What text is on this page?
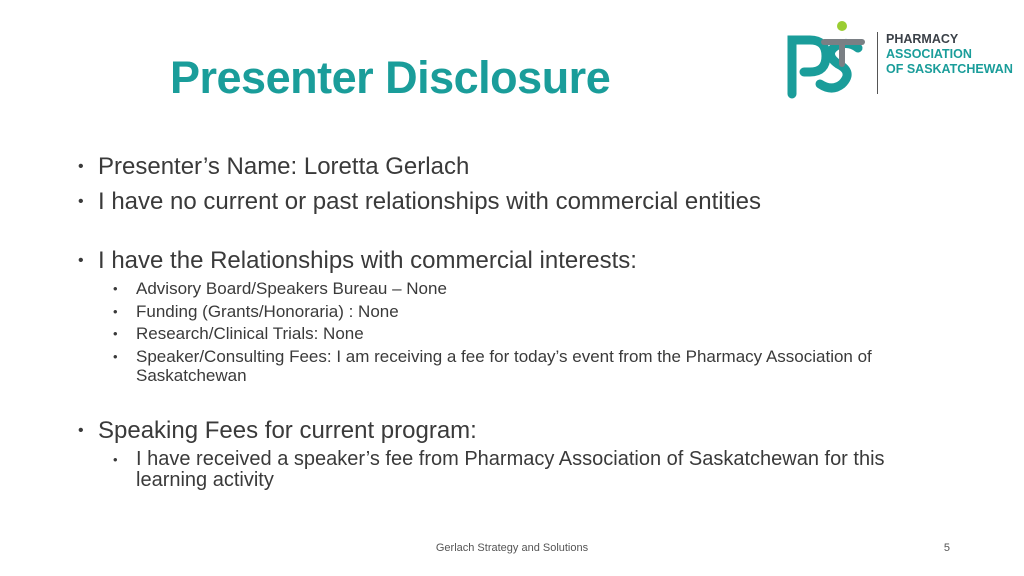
Presenter Disclosure
PHARMACY
ASSOCIATION
OF SASKATCHEWAN
• Presenter’s Name: Loretta Gerlach
• I have no current or past relationships with commercial entities
• I have the Relationships with commercial interests:
• Advisory Board/Speakers Bureau – None
• Funding (Grants/Honoraria) : None
• Research/Clinical Trials: None
• Speaker/Consulting Fees: I am receiving a fee for today’s event from the Pharmacy Association of Saskatchewan
• Speaking Fees for current program:
• I have received a speaker’s fee from Pharmacy Association of Saskatchewan for this learning activity
Gerlach Strategy and Solutions	5
